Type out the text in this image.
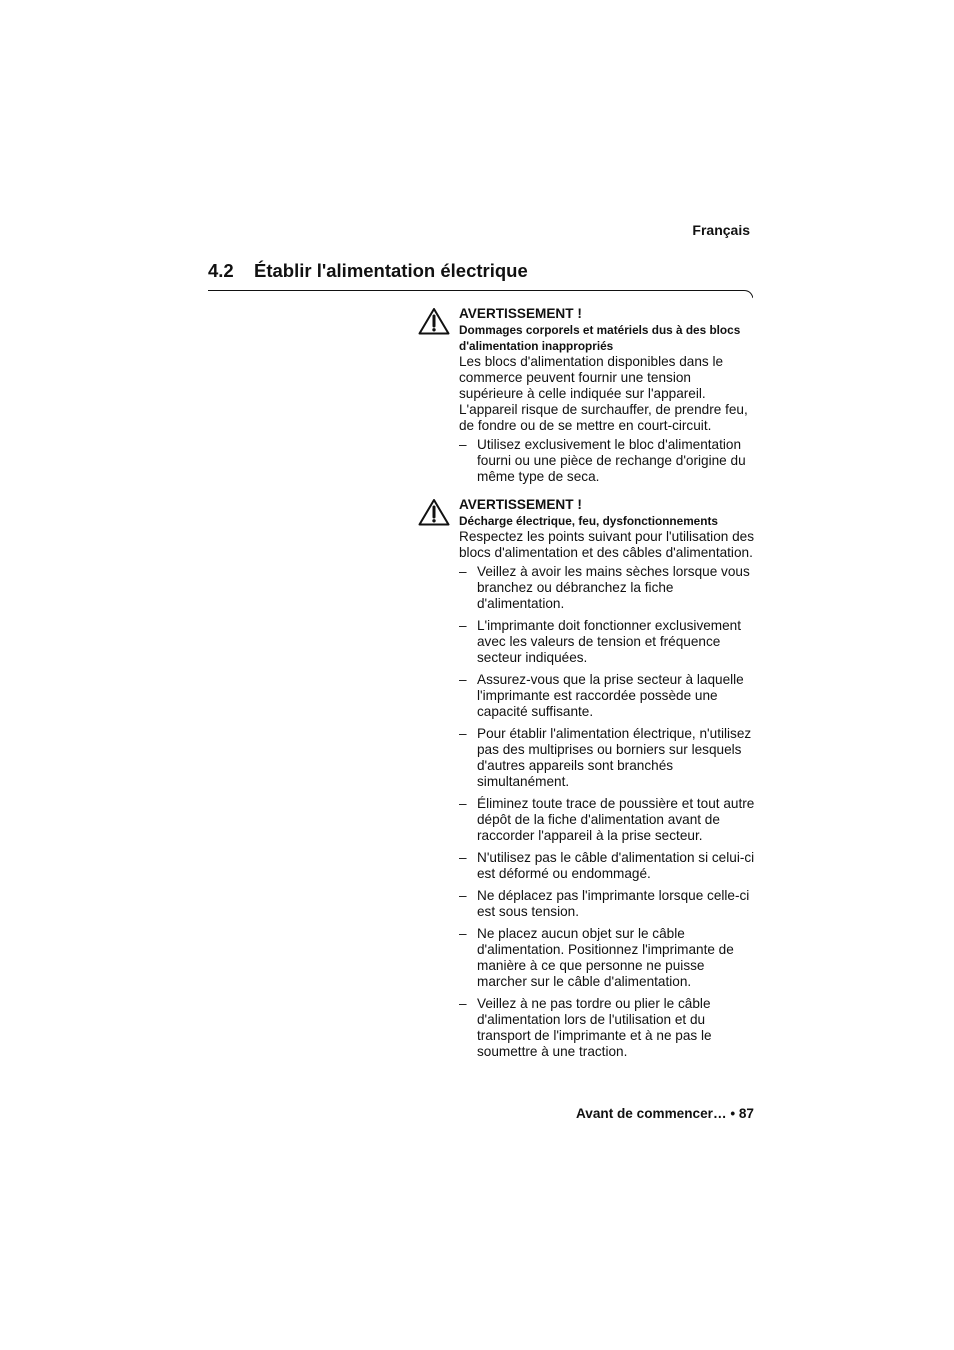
Français
4.2 Établir l'alimentation électrique
AVERTISSEMENT !
Dommages corporels et matériels dus à des blocs d'alimentation inappropriés

Les blocs d'alimentation disponibles dans le commerce peuvent fournir une tension supérieure à celle indiquée sur l'appareil. L'appareil risque de surchauffer, de prendre feu, de fondre ou de se mettre en court-circuit.

– Utilisez exclusivement le bloc d'alimentation fourni ou une pièce de rechange d'origine du même type de seca.
AVERTISSEMENT !
Décharge électrique, feu, dysfonctionnements

Respectez les points suivant pour l'utilisation des blocs d'alimentation et des câbles d'alimentation.

– Veillez à avoir les mains sèches lorsque vous branchez ou débranchez la fiche d'alimentation.
– L'imprimante doit fonctionner exclusivement avec les valeurs de tension et fréquence secteur indiquées.
– Assurez-vous que la prise secteur à laquelle l'imprimante est raccordée possède une capacité suffisante.
– Pour établir l'alimentation électrique, n'utilisez pas des multiprises ou borniers sur lesquels d'autres appareils sont branchés simultanément.
– Éliminez toute trace de poussière et tout autre dépôt de la fiche d'alimentation avant de raccorder l'appareil à la prise secteur.
– N'utilisez pas le câble d'alimentation si celui-ci est déformé ou endommagé.
– Ne déplacez pas l'imprimante lorsque celle-ci est sous tension.
– Ne placez aucun objet sur le câble d'alimentation. Positionnez l'imprimante de manière à ce que personne ne puisse marcher sur le câble d'alimentation.
– Veillez à ne pas tordre ou plier le câble d'alimentation lors de l'utilisation et du transport de l'imprimante et à ne pas le soumettre à une traction.
Avant de commencer… • 87
